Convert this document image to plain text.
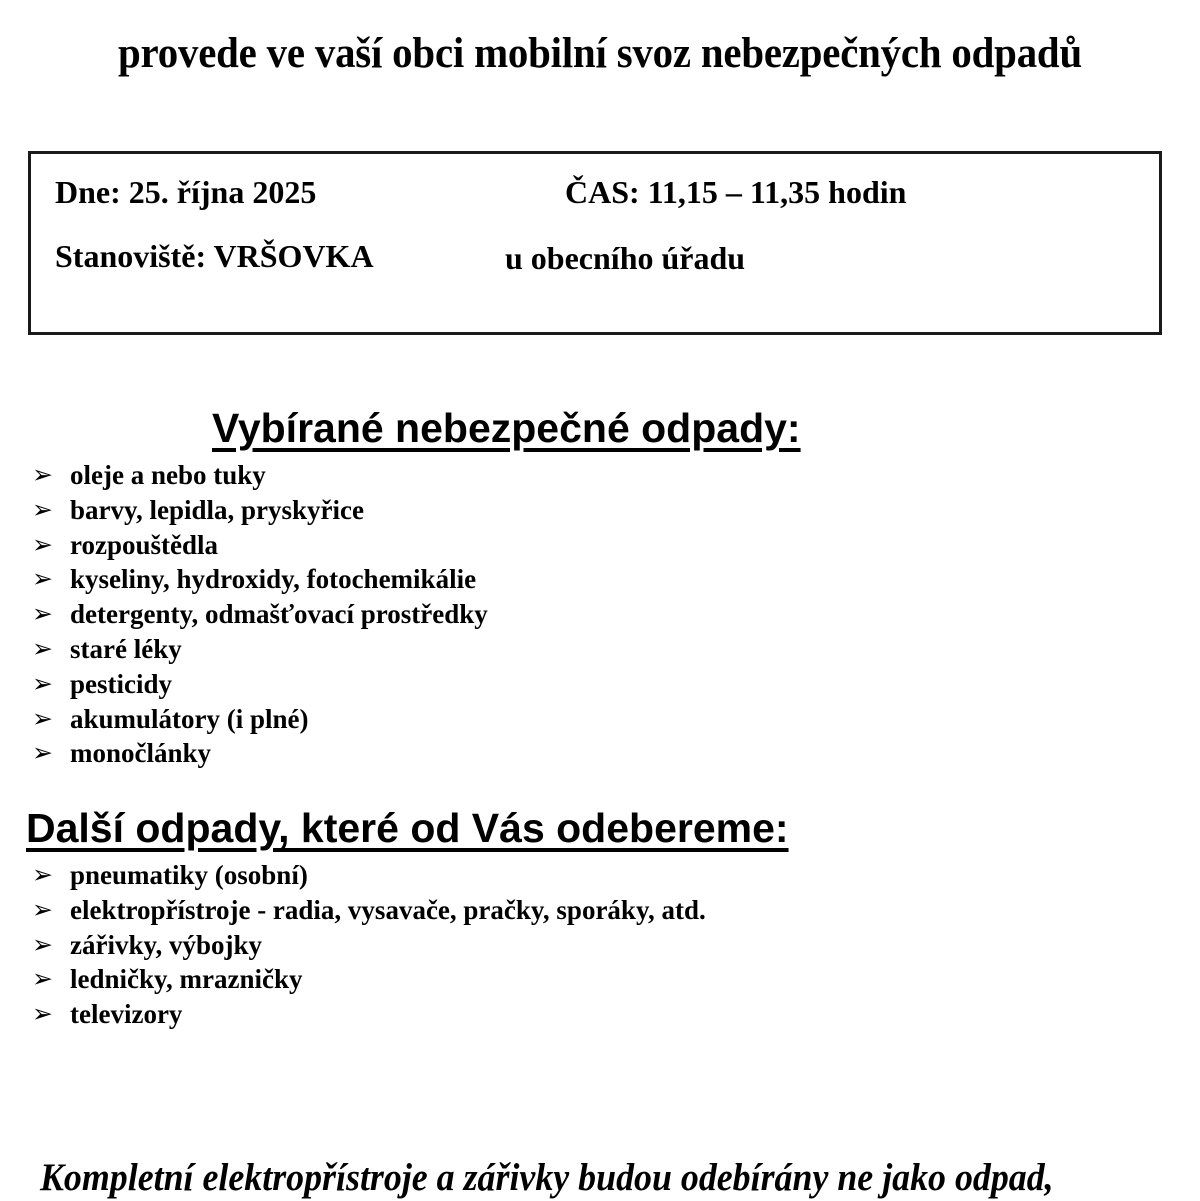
provede ve vaší obci mobilní svoz nebezpečných odpadů
Dne: 25. října 2025	ČAS: 11,15 – 11,35 hodin
Stanoviště: VRŠOVKA	u obecního úřadu
Vybírané nebezpečné odpady:
➢ oleje a nebo tuky
➢ barvy, lepidla, pryskyřice
➢ rozpouštědla
➢ kyseliny, hydroxidy, fotochemikálie
➢ detergenty, odmašťovací prostředky
➢ staré léky
➢ pesticidy
➢ akumulátory (i plné)
➢ monočlánky
Další odpady, které od Vás odebereme:
➢ pneumatiky (osobní)
➢ elektropřístroje - radia, vysavače, pračky, sporáky, atd.
➢ zářivky, výbojky
➢ ledničky, mrazničky
➢ televizory
Kompletní elektropřístroje a zářivky budou odebírány ne jako odpad,
